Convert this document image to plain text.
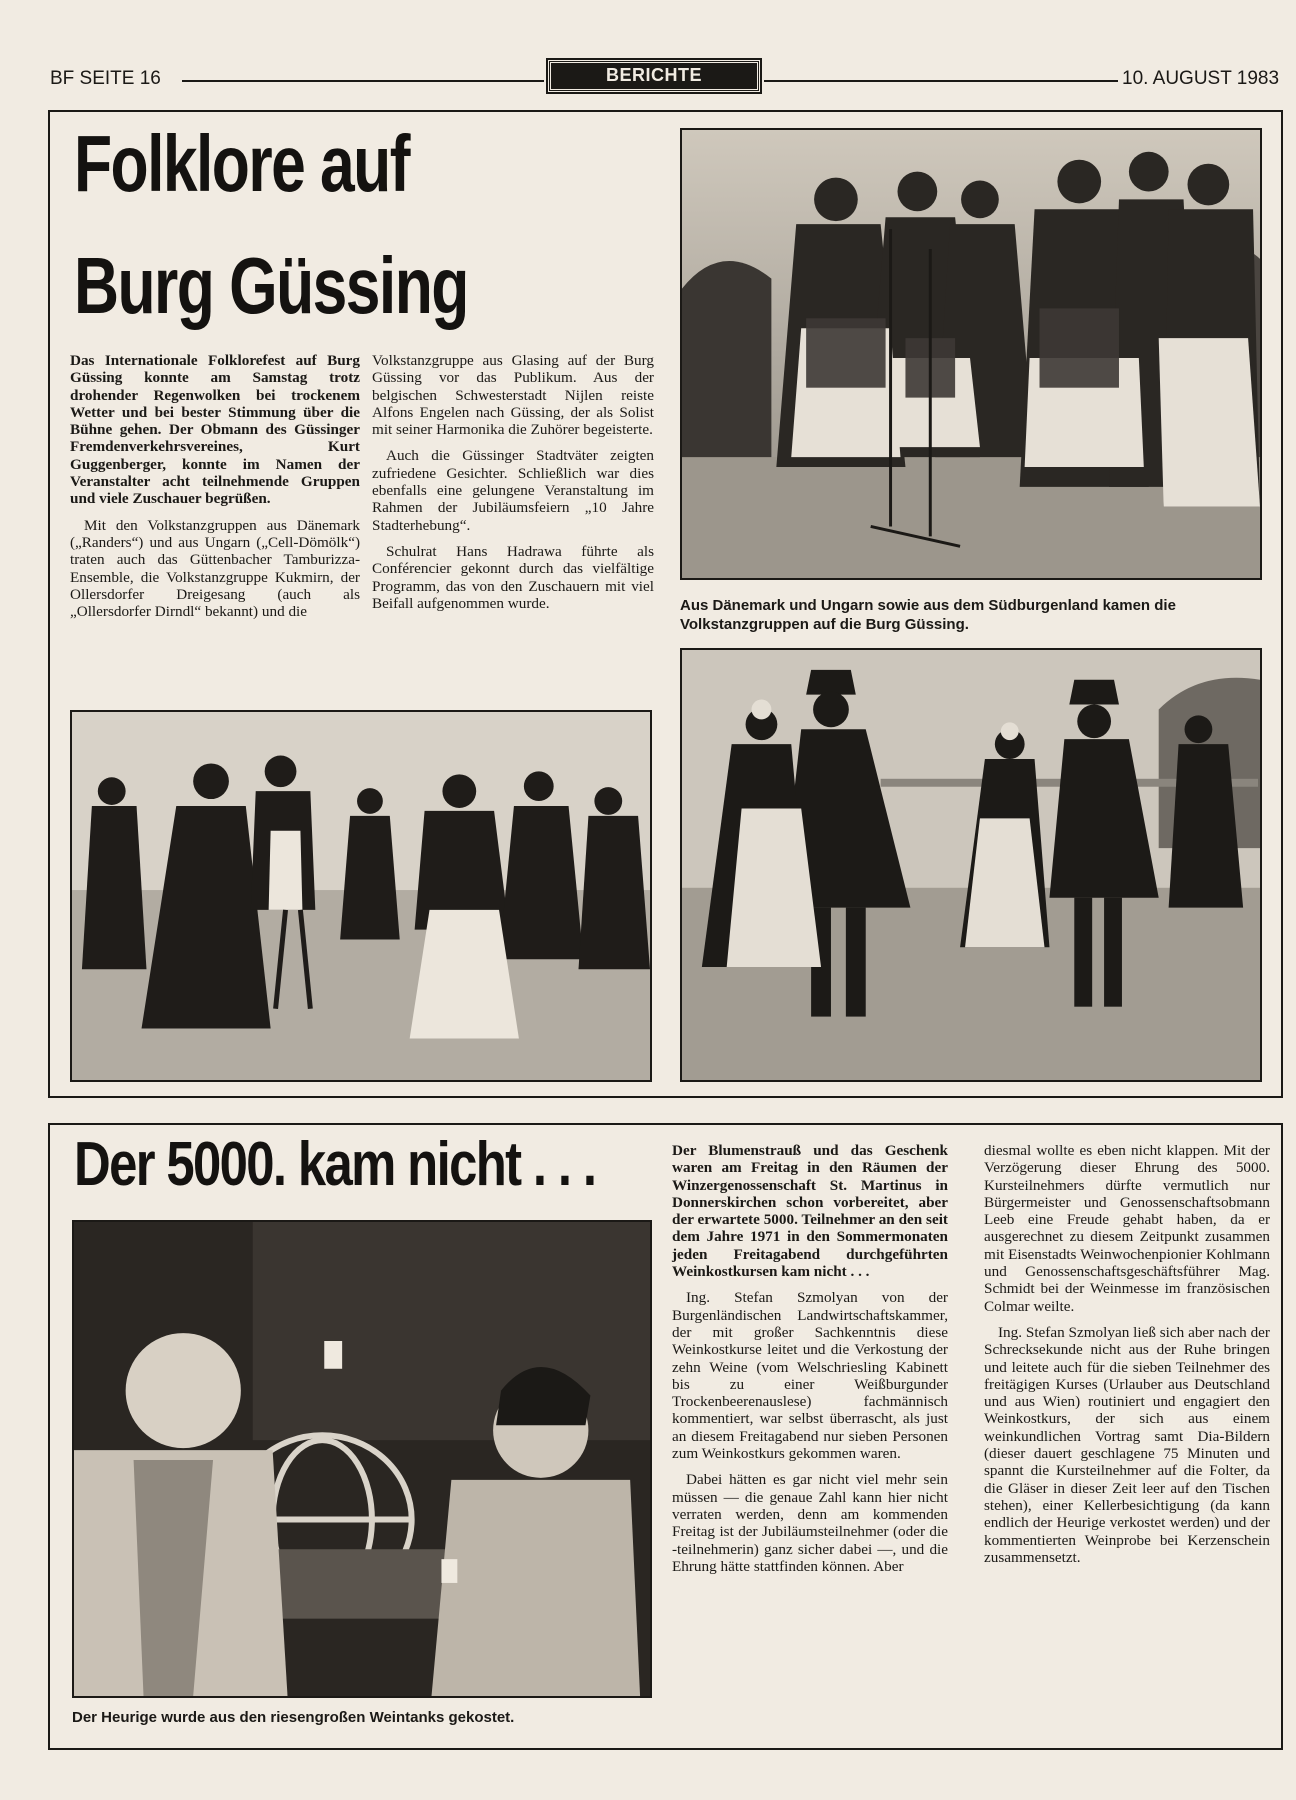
BF SEITE 16	BERICHTE	10. AUGUST 1983
Folklore auf
Burg Güssing

Das Internationale Folklorefest auf Burg Güssing konnte am Samstag trotz drohender Regenwolken bei trockenem Wetter und bei bester Stimmung über die Bühne gehen. Der Obmann des Güssinger Fremdenverkehrsvereines, Kurt Guggenberger, konnte im Namen der Veranstalter acht teilnehmende Gruppen und viele Zuschauer begrüßen.

Mit den Volkstanzgruppen aus Dänemark („Randers“) und aus Ungarn („Cell-Dömölk“) traten auch das Güttenbacher Tamburizza-Ensemble, die Volkstanzgruppe Kukmirn, der Ollersdorfer Dreigesang (auch als „Ollersdorfer Dirndl“ bekannt) und die

Volkstanzgruppe aus Glasing auf der Burg Güssing vor das Publikum. Aus der belgischen Schwesterstadt Nijlen reiste Alfons Engelen nach Güssing, der als Solist mit seiner Harmonika die Zuhörer begeisterte.

Auch die Güssinger Stadtväter zeigten zufriedene Gesichter. Schließlich war dies ebenfalls eine gelungene Veranstaltung im Rahmen der Jubiläumsfeiern „10 Jahre Stadterhebung“.

Schulrat Hans Hadrawa führte als Conférencier gekonnt durch das vielfältige Programm, das von den Zuschauern mit viel Beifall aufgenommen wurde.	Aus Dänemark und Ungarn sowie aus dem Südburgenland kamen die Volkstanzgruppen auf die Burg Güssing.
Der 5000. kam nicht . . .
Der Heurige wurde aus den riesengroßen Weintanks gekostet.

Der Blumenstrauß und das Geschenk waren am Freitag in den Räumen der Winzergenossenschaft St. Martinus in Donnerskirchen schon vorbereitet, aber der erwartete 5000. Teilnehmer an den seit dem Jahre 1971 in den Sommermonaten jeden Freitagabend durchgeführten Weinkostkursen kam nicht . . .

Ing. Stefan Szmolyan von der Burgenländischen Landwirtschaftskammer, der mit großer Sachkenntnis diese Weinkostkurse leitet und die Verkostung der zehn Weine (vom Welschriesling Kabinett bis zu einer Weißburgunder Trockenbeerenauslese) fachmännisch kommentiert, war selbst überrascht, als just an diesem Freitagabend nur sieben Personen zum Weinkostkurs gekommen waren.

Dabei hätten es gar nicht viel mehr sein müssen — die genaue Zahl kann hier nicht verraten werden, denn am kommenden Freitag ist der Jubiläumsteilnehmer (oder die -teilnehmerin) ganz sicher dabei —, und die Ehrung hätte stattfinden können. Aber

diesmal wollte es eben nicht klappen. Mit der Verzögerung dieser Ehrung des 5000. Kursteilnehmers dürfte vermutlich nur Bürgermeister und Genossenschaftsobmann Leeb eine Freude gehabt haben, da er ausgerechnet zu diesem Zeitpunkt zusammen mit Eisenstadts Weinwochenpionier Kohlmann und Genossenschaftsgeschäftsführer Mag. Schmidt bei der Weinmesse im französischen Colmar weilte.

Ing. Stefan Szmolyan ließ sich aber nach der Schrecksekunde nicht aus der Ruhe bringen und leitete auch für die sieben Teilnehmer des freitägigen Kurses (Urlauber aus Deutschland und aus Wien) routiniert und engagiert den Weinkostkurs, der sich aus einem weinkundlichen Vortrag samt Dia-Bildern (dieser dauert geschlagene 75 Minuten und spannt die Kursteilnehmer auf die Folter, da die Gläser in dieser Zeit leer auf den Tischen stehen), einer Kellerbesichtigung (da kann endlich der Heurige verkostet werden) und der kommentierten Weinprobe bei Kerzenschein zusammensetzt.
